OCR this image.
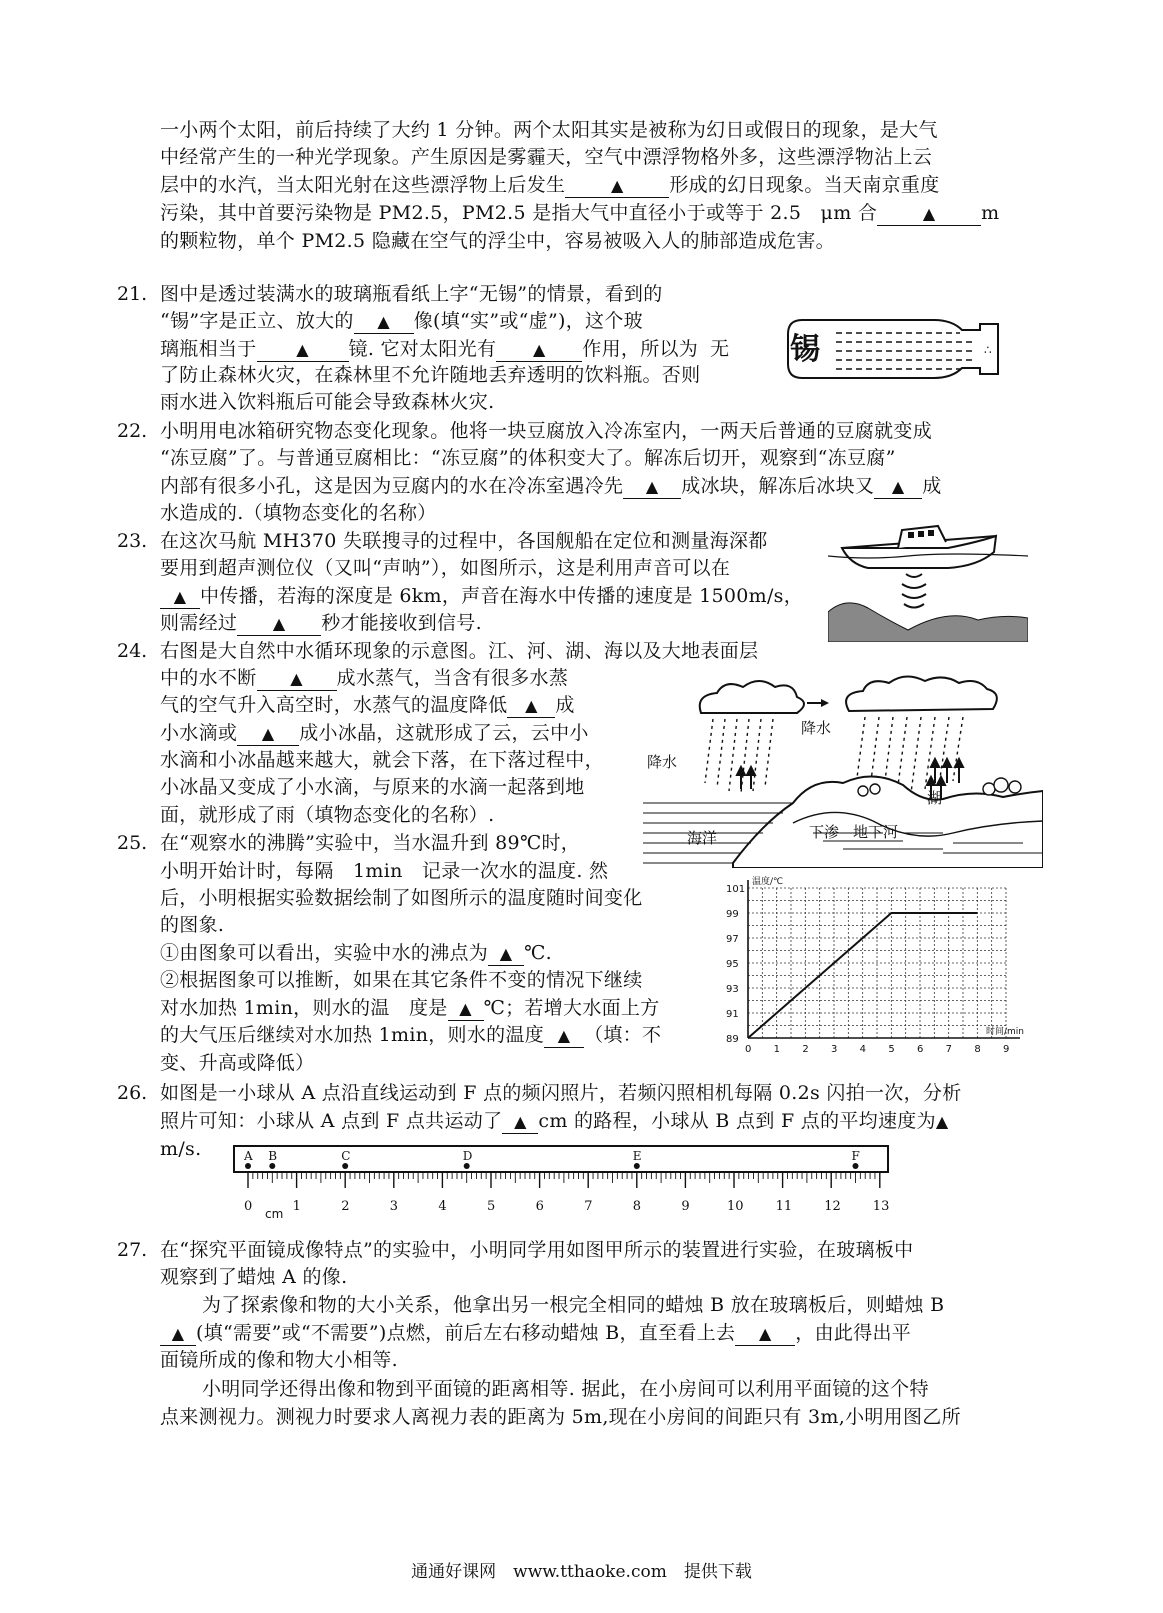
一小两个太阳，前后持续了大约 1 分钟。两个太阳其实是被称为幻日或假日的现象，是大气
中经常产生的一种光学现象。产生原因是雾霾天，空气中漂浮物格外多，这些漂浮物沾上云
层中的水汽，当太阳光射在这些漂浮物上后发生	▲ 形成的幻日现象。当天南京重度
污染，其中首要污染物是 PM2.5，PM2.5 是指大气中直径小于或等于 2.5　μm 合	▲ m
的颗粒物，单个 PM2.5 隐藏在空气的浮尘中，容易被吸入人的肺部造成危害。
21. 图中是透过装满水的玻璃瓶看纸上字“无锡”的情景，看到的
“锡”字是正立、放大的 ▲ 像(填“实”或“虚”)，这个玻
璃瓶相当于 ▲ 镜. 它对太阳光有 ▲ 作用，所以为 无
了防止森林火灾，在森林里不允许随地丢弃透明的饮料瓶。否则
雨水进入饮料瓶后可能会导致森林火灾.
锡	∴
22. 小明用电冰箱研究物态变化现象。他将一块豆腐放入冷冻室内，一两天后普通的豆腐就变成
“冻豆腐”了。与普通豆腐相比：“冻豆腐”的体积变大了。解冻后切开，观察到“冻豆腐”
内部有很多小孔，这是因为豆腐内的水在冷冻室遇冷先 ▲ 成冰块，解冻后冰块又 ▲ 成
水造成的.（填物态变化的名称）
23. 在这次马航 MH370 失联搜寻的过程中，各国舰船在定位和测量海深都
要用到超声测位仪（又叫“声呐”），如图所示，这是利用声音可以在
▲ 中传播，若海的深度是 6km，声音在海水中传播的速度是 1500m/s，
则需经过 ▲ 秒才能接收到信号.
24. 右图是大自然中水循环现象的示意图。江、河、湖、海以及大地表面层
中的水不断 ▲ 成水蒸气，当含有很多水蒸
气的空气升入高空时，水蒸气的温度降低 ▲ 成
小水滴或 ▲ 成小冰晶，这就形成了云，云中小
水滴和小冰晶越来越大，就会下落，在下落过程中，
小冰晶又变成了小水滴，与原来的水滴一起落到地
面，就形成了雨（填物态变化的名称）.
降水
降水
湖
海洋	下渗 地下河
25. 在“观察水的沸腾”实验中，当水温升到 89℃时，
小明开始计时，每隔　1min　记录一次水的温度. 然
后，小明根据实验数据绘制了如图所示的温度随时间变化
的图象.
①由图象可以看出，实验中水的沸点为 ▲ ℃.
②根据图象可以推断，如果在其它条件不变的情况下继续
对水加热 1min，则水的温　度是 ▲ ℃；若增大水面上方
的大气压后继续对水加热 1min，则水的温度 ▲ （填：不
变、升高或降低）
0 1 2 3 4 5 6 7 8 9
89
91
93
95
97
99
101
温度/℃
时间/min
26. 如图是一小球从 A 点沿直线运动到 F 点的频闪照片，若频闪照相机每隔 0.2s 闪拍一次，分析
照片可知：小球从 A 点到 F 点共运动了 ▲ cm 的路程，小球从 B 点到 F 点的平均速度为▲
m/s.
0	1	2	3	4	5	6	7	8	9	10 11 12 13
A B	C	D	E	F
cm
27. 在“探究平面镜成像特点”的实验中，小明同学用如图甲所示的装置进行实验，在玻璃板中
观察到了蜡烛 A 的像.
为了探索像和物的大小关系，他拿出另一根完全相同的蜡烛 B 放在玻璃板后，则蜡烛 B
▲ (填“需要”或“不需要”)点燃，前后左右移动蜡烛 B，直至看上去 ▲ ，由此得出平
面镜所成的像和物大小相等.
小明同学还得出像和物到平面镜的距离相等. 据此，在小房间可以利用平面镜的这个特
点来测视力。测视力时要求人离视力表的距离为 5m,现在小房间的间距只有 3m,小明用图乙所
通通好课网　www.tthaoke.com　提供下载
